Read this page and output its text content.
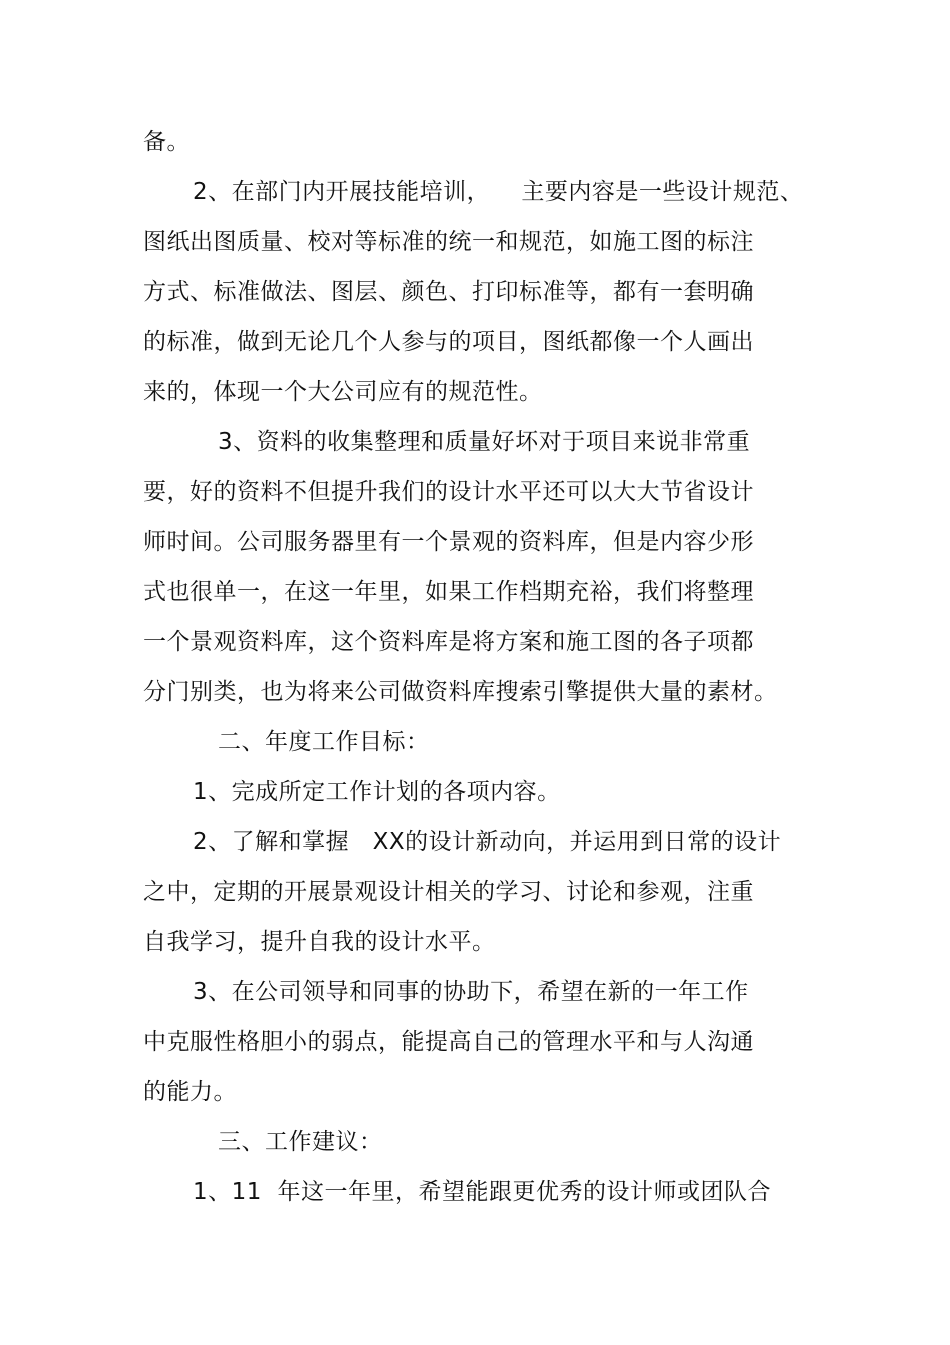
备。
2、在部门内开展技能培训，    主要内容是一些设计规范、
图纸出图质量、校对等标准的统一和规范，如施工图的标注
方式、标准做法、图层、颜色、打印标准等，都有一套明确
的标准，做到无论几个人参与的项目，图纸都像一个人画出
来的，体现一个大公司应有的规范性。
3、资料的收集整理和质量好坏对于项目来说非常重
要，好的资料不但提升我们的设计水平还可以大大节省设计
师时间。公司服务器里有一个景观的资料库，但是内容少形
式也很单一，在这一年里，如果工作档期充裕，我们将整理
一个景观资料库，这个资料库是将方案和施工图的各子项都
分门别类，也为将来公司做资料库搜索引擎提供大量的素材。
二、年度工作目标：
1、完成所定工作计划的各项内容。
2、了解和掌握   XX的设计新动向，并运用到日常的设计
之中，定期的开展景观设计相关的学习、讨论和参观，注重
自我学习，提升自我的设计水平。
3、在公司领导和同事的协助下，希望在新的一年工作
中克服性格胆小的弱点，能提高自己的管理水平和与人沟通
的能力。
三、工作建议：
1、11  年这一年里，希望能跟更优秀的设计师或团队合
